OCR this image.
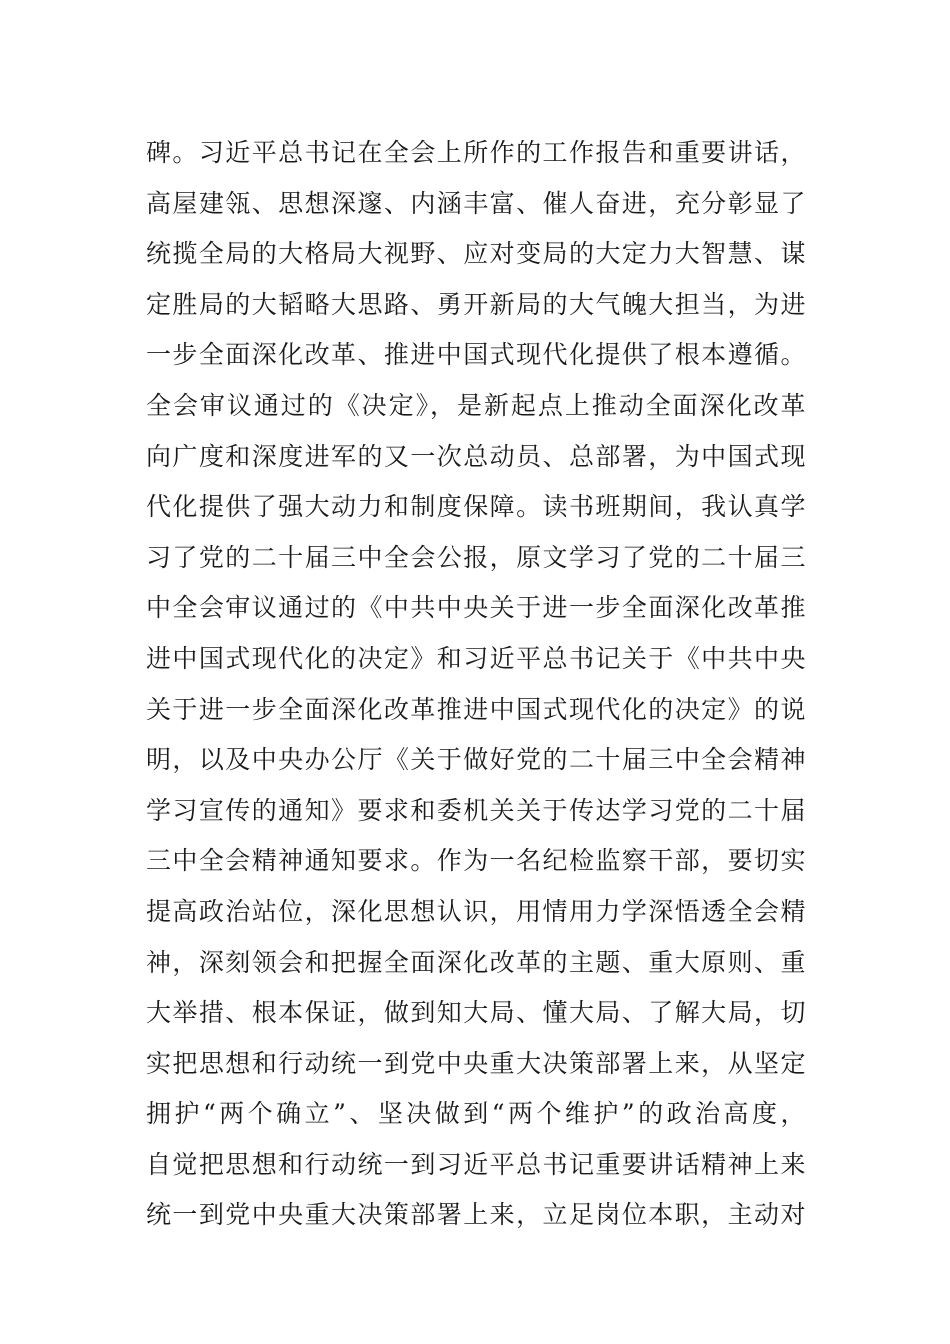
碑。习近平总书记在全会上所作的工作报告和重要讲话，
高屋建瓴、思想深邃、内涵丰富、催人奋进，充分彰显了
统揽全局的大格局大视野、应对变局的大定力大智慧、谋
定胜局的大韬略大思路、勇开新局的大气魄大担当，为进
一步全面深化改革、推进中国式现代化提供了根本遵循。
全会审议通过的《决定》，是新起点上推动全面深化改革
向广度和深度进军的又一次总动员、总部署，为中国式现
代化提供了强大动力和制度保障。读书班期间，我认真学
习了党的二十届三中全会公报，原文学习了党的二十届三
中全会审议通过的《中共中央关于进一步全面深化改革推
进中国式现代化的决定》和习近平总书记关于《中共中央
关于进一步全面深化改革推进中国式现代化的决定》的说
明，以及中央办公厅《关于做好党的二十届三中全会精神
学习宣传的通知》要求和委机关关于传达学习党的二十届
三中全会精神通知要求。作为一名纪检监察干部，要切实
提高政治站位，深化思想认识，用情用力学深悟透全会精
神，深刻领会和把握全面深化改革的主题、重大原则、重
大举措、根本保证，做到知大局、懂大局、了解大局，切
实把思想和行动统一到党中央重大决策部署上来，从坚定
拥护“两个确立”、坚决做到“两个维护”的政治高度，
自觉把思想和行动统一到习近平总书记重要讲话精神上来
统一到党中央重大决策部署上来，立足岗位本职，主动对
